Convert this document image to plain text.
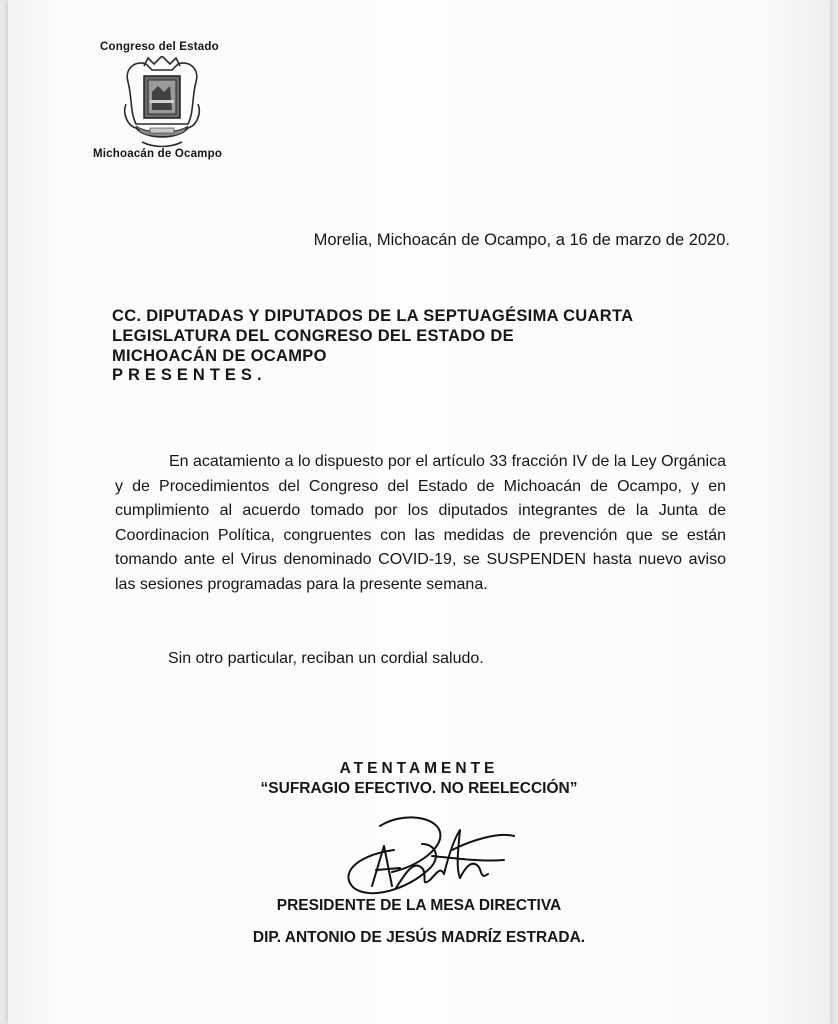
Congreso del Estado
Michoacán de Ocampo
Morelia, Michoacán de Ocampo, a 16 de marzo de 2020.
CC. DIPUTADAS Y DIPUTADOS DE LA SEPTUAGÉSIMA CUARTA
LEGISLATURA DEL CONGRESO DEL ESTADO DE
MICHOACÁN DE OCAMPO
PRESENTES.

En acatamiento a lo dispuesto por el artículo 33 fracción IV de la Ley Orgánica y de Procedimientos del Congreso del Estado de Michoacán de Ocampo, y en cumplimiento al acuerdo tomado por los diputados integrantes de la Junta de Coordinacion Política, congruentes con las medidas de prevención que se están tomando ante el Virus denominado COVID-19, se SUSPENDEN hasta nuevo aviso las sesiones programadas para la presente semana.

Sin otro particular, reciban un cordial saludo.
ATENTAMENTE
“SUFRAGIO EFECTIVO. NO REELECCIÓN”
PRESIDENTE DE LA MESA DIRECTIVA
DIP. ANTONIO DE JESÚS MADRÍZ ESTRADA.
